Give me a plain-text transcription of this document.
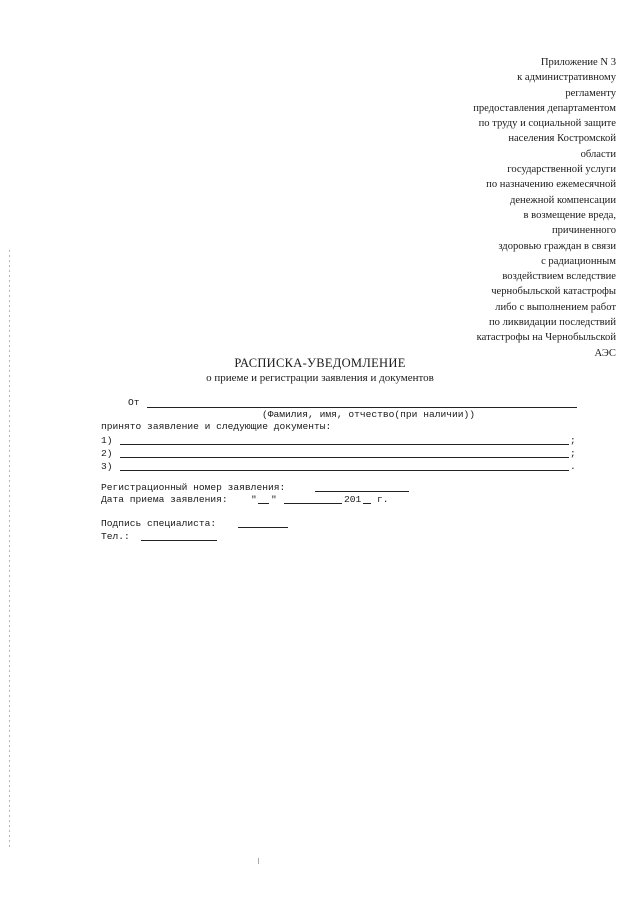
Приложение N 3
к административному
регламенту
предоставления департаментом
по труду и социальной защите
населения Костромской
области
государственной услуги
по назначению ежемесячной
денежной компенсации
в возмещение вреда,
причиненного
здоровью граждан в связи
с радиационным
воздействием вследствие
чернобыльской катастрофы
либо с выполнением работ
по ликвидации последствий
катастрофы на Чернобыльской
АЭС
РАСПИСКА-УВЕДОМЛЕНИЕ
о приеме и регистрации заявления и документов
От
(Фамилия, имя, отчество(при наличии))
принято заявление и следующие документы:
1)	;
2)	;
3)	.
Регистрационный номер заявления:
Дата приема заявления: " "	201 г.
Подпись специалиста:
Тел.:
